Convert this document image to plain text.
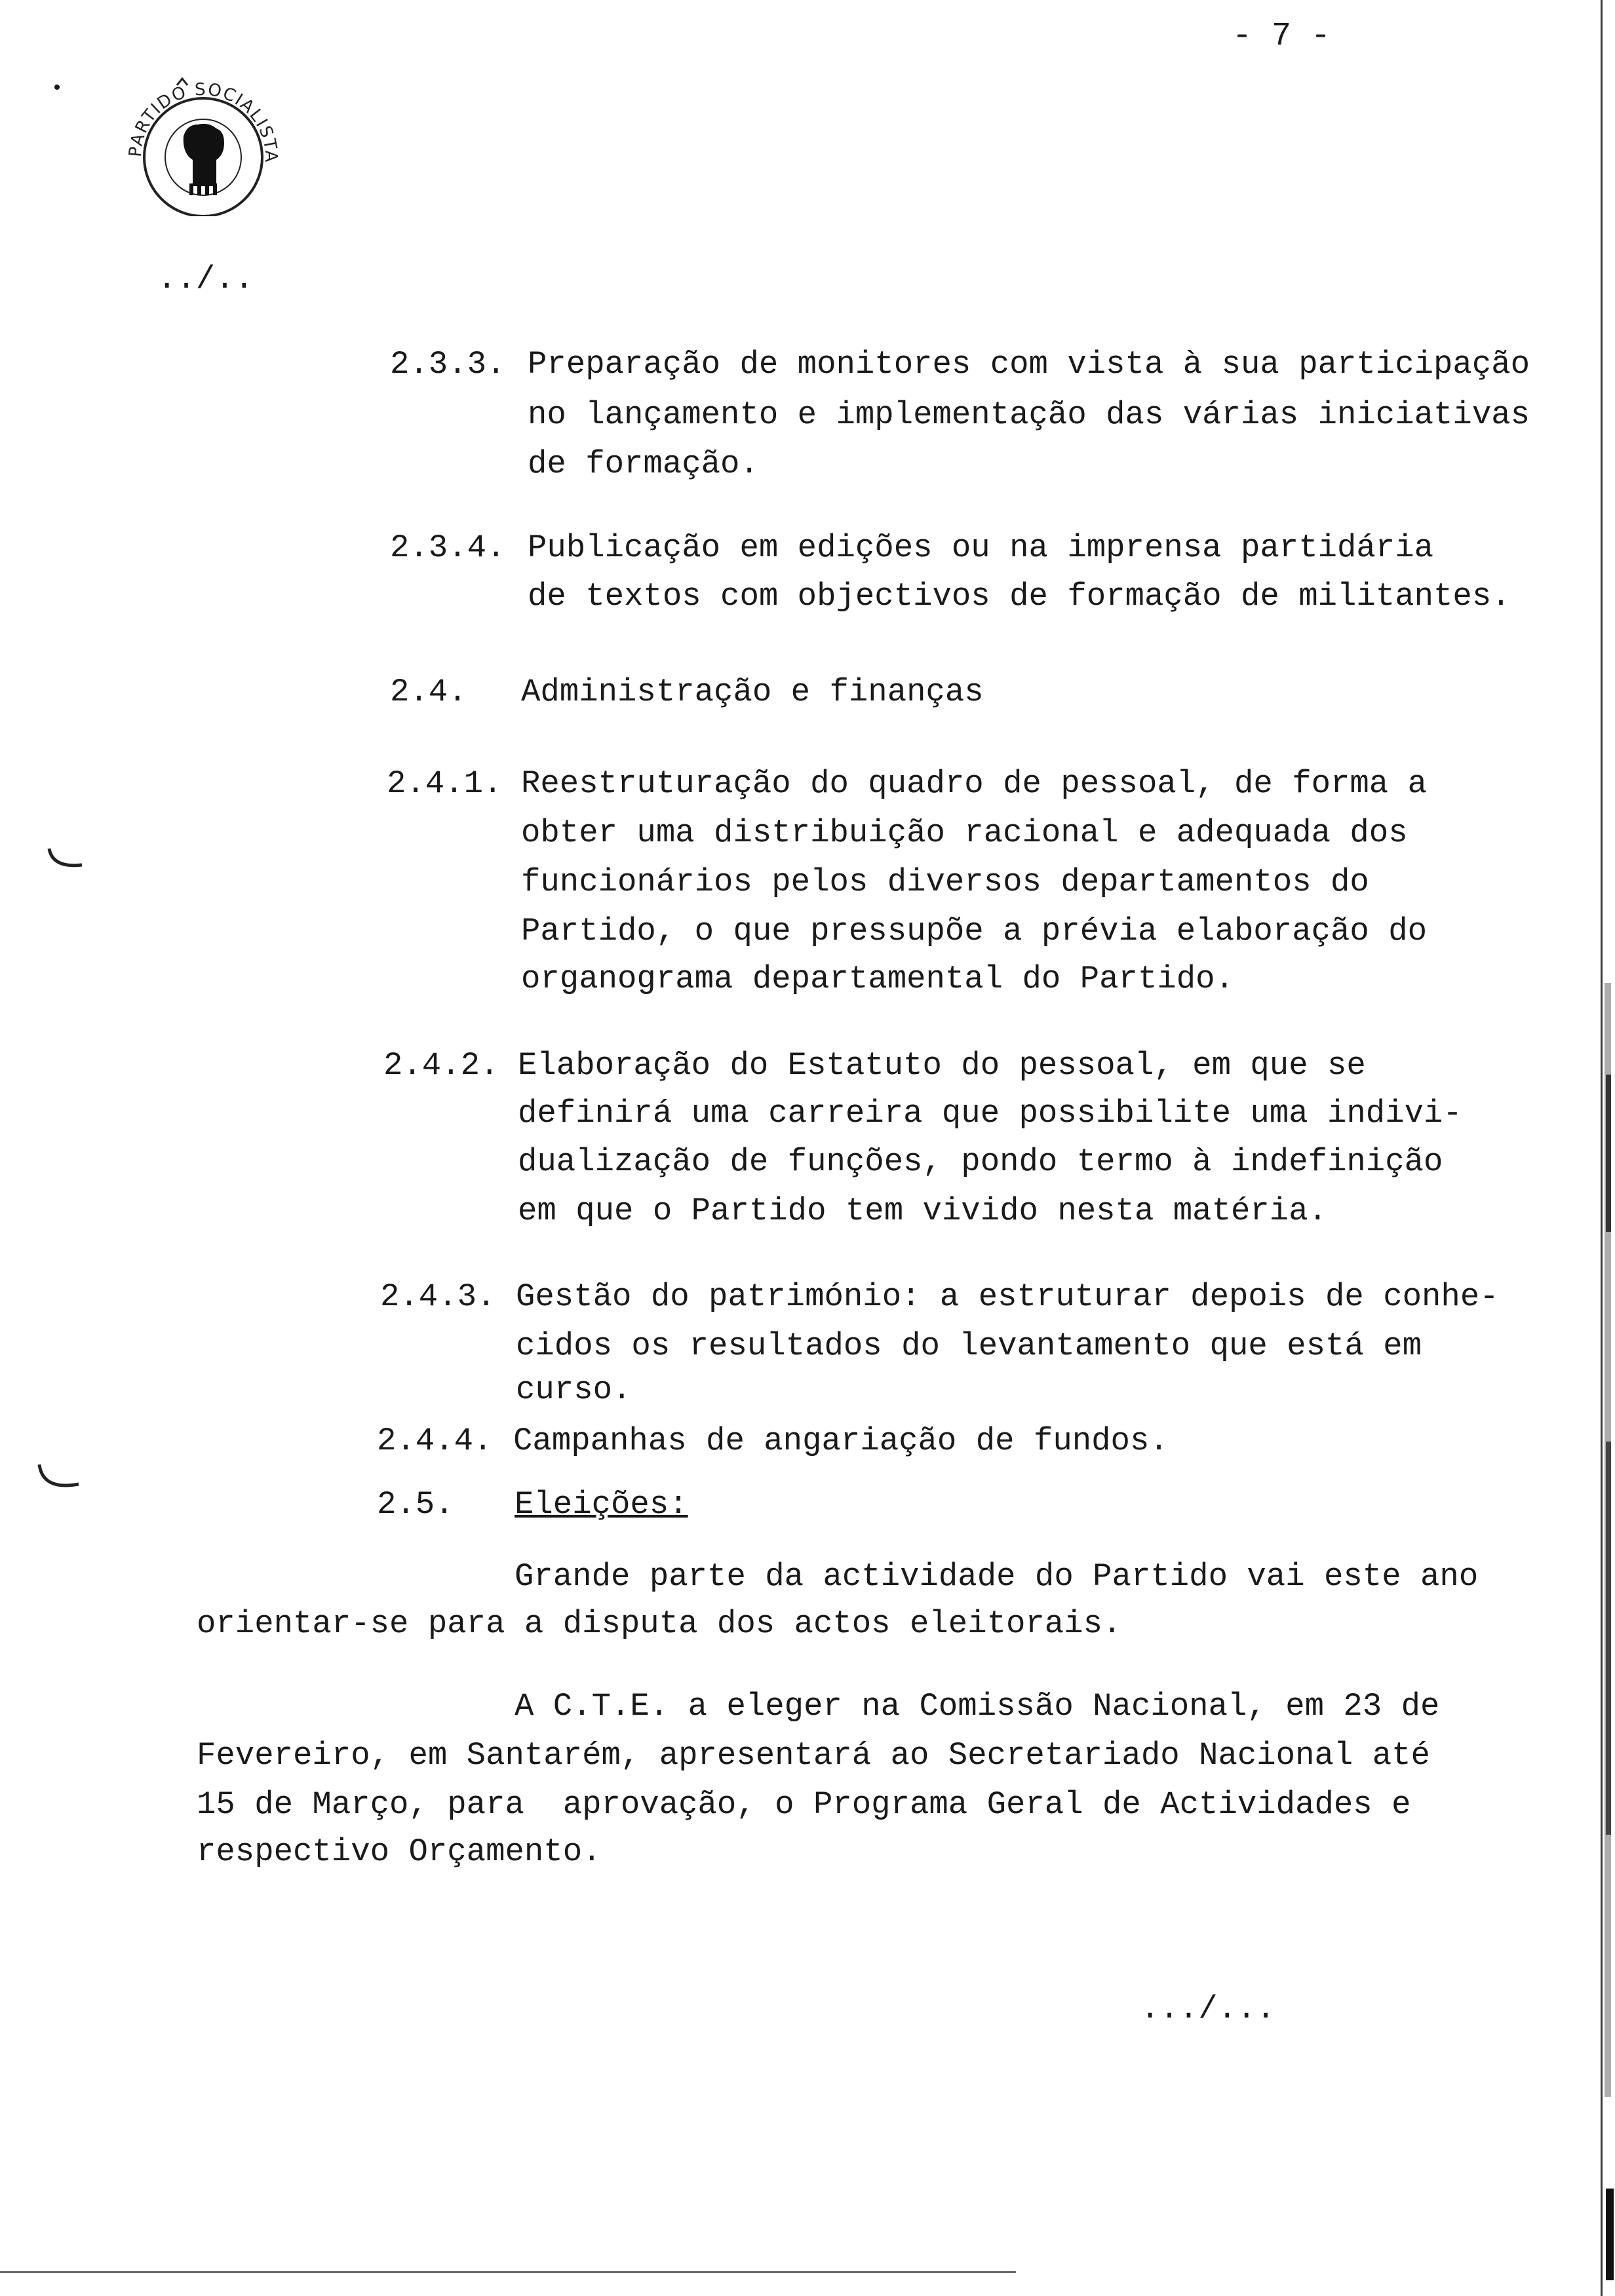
- 7 -
•
PARTIDO SOCIALISTA
../..
2.3.3. Preparação de monitores com vista à sua participação
no lançamento e implementação das várias iniciativas
de formação.
2.3.4. Publicação em edições ou na imprensa partidária
de textos com objectivos de formação de militantes.
2.4. Administração e finanças
2.4.1. Reestruturação do quadro de pessoal, de forma a
obter uma distribuição racional e adequada dos
funcionários pelos diversos departamentos do
Partido, o que pressupõe a prévia elaboração do
organograma departamental do Partido.
2.4.2. Elaboração do Estatuto do pessoal, em que se
definirá uma carreira que possibilite uma indivi-
dualização de funções, pondo termo à indefinição
em que o Partido tem vivido nesta matéria.
2.4.3. Gestão do património: a estruturar depois de conhe-
cidos os resultados do levantamento que está em
curso.
2.4.4. Campanhas de angariação de fundos.
2.5. Eleições:
Grande parte da actividade do Partido vai este ano
orientar-se para a disputa dos actos eleitorais.
A C.T.E. a eleger na Comissão Nacional, em 23 de
Fevereiro, em Santarém, apresentará ao Secretariado Nacional até
15 de Março, para  aprovação, o Programa Geral de Actividades e
respectivo Orçamento.
.../...
